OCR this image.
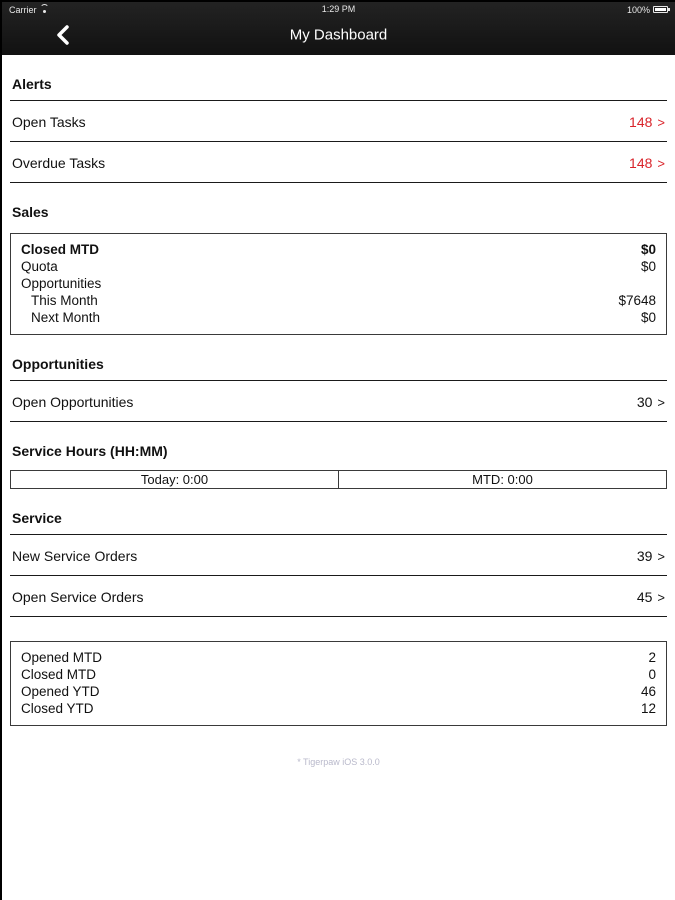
Carrier	1:29 PM	100%
My Dashboard
Alerts
Open Tasks	148 >
Overdue Tasks	148 >
Sales
Closed MTD	$0
Quota	$0
Opportunities
This Month	$7648
Next Month	$0
Opportunities
Open Opportunities	30 >
Service Hours (HH:MM)
Today: 0:00	MTD: 0:00
Service
New Service Orders	39 >
Open Service Orders	45 >
Opened MTD	2
Closed MTD	0
Opened YTD	46
Closed YTD	12
* Tigerpaw iOS 3.0.0
